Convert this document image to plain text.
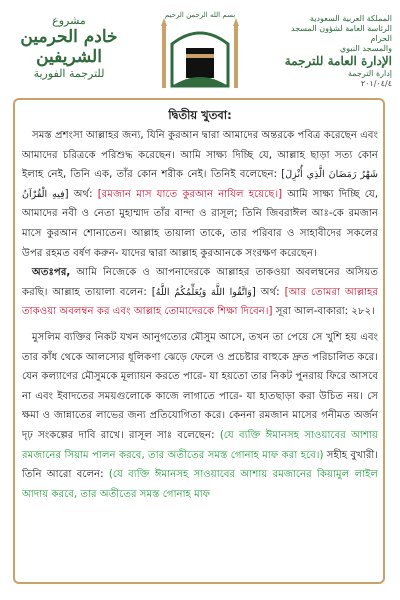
مشروع
خادم الحرمين الشريفين
للترجمة الفورية
بسم الله الرحمن الرحيم	المملكة العربية السعودية
الرئاسة العامة لشؤون المسجد الحرام
والمسجد النبوي
الإدارة العامة للترجمة
إدارة الترجمة
٢٠١/٠٤/٤
দ্বিতীয় খুতবা:

সমস্ত প্রশংসা আল্লাহর জন্য, যিনি কুরআন দ্বারা আমাদের অন্তরকে পবিত্র করেছেন এবং আমাদের চরিত্রকে পরিশুদ্ধ করেছেন। আমি সাক্ষ্য দিচ্ছি যে, আল্লাহ ছাড়া সত্য কোন ইলাহ নেই, তিনি এক, তাঁর কোন শরীক নেই। তিনিই বলেছেন: [شَهْرُ رَمَضَانَ الَّذِي أُنْزِلَ فِيهِ الْقُرْآنُ] অর্থ: [রমজান মাস যাতে কুরআন নাযিল হয়েছে।] আমি সাক্ষ্য দিচ্ছি যে, আমাদের নবী ও নেতা মুহাম্মাদ তাঁর বান্দা ও রাসূল; তিনি জিবরাঈল আঃ-কে রমজান মাসে কুরআন শোনাতেন। আল্লাহ তায়ালা তাকে, তার পরিবার ও সাহাবীদের সকলের উপর রহমত বর্ষণ করুন- যাদের দ্বারা আল্লাহ কুরআনকে সংরক্ষণ করেছেন।

অতঃপর, আমি নিজেকে ও আপনাদেরকে আল্লাহর তাকওয়া অবলম্বনের অসিয়ত করছি। আল্লাহ তায়ালা বলেন: [وَاتَّقُوا اللَّهَ وَيُعَلِّمُكُمُ اللَّهُ] অর্থ: [আর তোমরা আল্লাহর তাকওয়া অবলম্বন কর এবং আল্লাহ তোমাদেরকে শিক্ষা দিবেন।] সূরা আল-বাকারা: ২৮২।

মুসলিম ব্যক্তির নিকট যখন আনুগত্যের মৌসুম আসে, তখন তা পেয়ে সে খুশি হয় এবং তার কাঁধ থেকে আলস্যের ধূলিকণা ঝেড়ে ফেলে ও প্রচেষ্টার বাহুকে দ্রুত পরিচালিত করে। যেন কল্যাণের মৌসুমকে মূল্যায়ন করতে পারে- যা হয়তো তার নিকট পুনরায় ফিরে আসবে না এবং ইবাদতের সময়গুলোকে কাজে লাগাতে পারে- যা হাতছাড়া করা উচিত নয়। সে ক্ষমা ও জান্নাতের লাভের জন্য প্রতিযোগিতা করে। কেননা রমজান মাসের গনীমত অর্জন দৃঢ় সংকল্পের দাবি রাখে। রাসূল সাঃ বলেছেন: (যে ব্যক্তি ঈমানসহ সাওয়াবের আশায় রমজানের সিয়াম পালন করবে, তার অতীতের সমস্ত গোনাহ মাফ করা হবে।) সহীহ বুখারী। তিনি আরো বলেন: (যে ব্যক্তি ঈমানসহ সাওয়াবের আশায় রমজানের কিয়ামুল লাইল আদায় করবে, তার অতীতের সমস্ত গোনাহ মাফ
